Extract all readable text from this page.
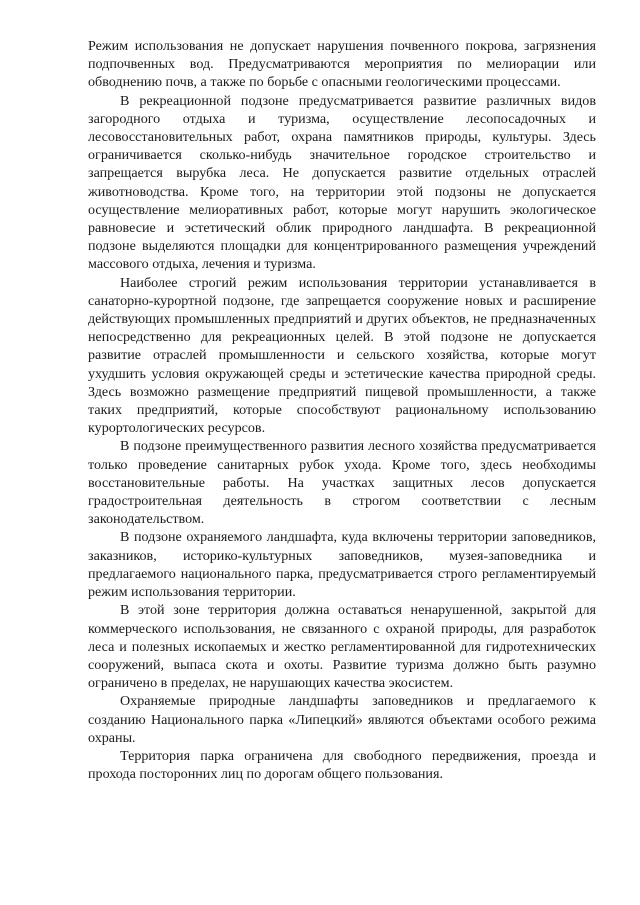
Режим использования не допускает нарушения почвенного покрова, загрязнения подпочвенных вод. Предусматриваются мероприятия по мелиорации или обводнению почв, а также по борьбе с опасными геологическими процессами.

В рекреационной подзоне предусматривается развитие различных видов загородного отдыха и туризма, осуществление лесопосадочных и лесовосстановительных работ, охрана памятников природы, культуры. Здесь ограничивается сколько-нибудь значительное городское строительство и запрещается вырубка леса. Не допускается развитие отдельных отраслей животноводства. Кроме того, на территории этой подзоны не допускается осуществление мелиоративных работ, которые могут нарушить экологическое равновесие и эстетический облик природного ландшафта. В рекреационной подзоне выделяются площадки для концентрированного размещения учреждений массового отдыха, лечения и туризма.

Наиболее строгий режим использования территории устанавливается в санаторно-курортной подзоне, где запрещается сооружение новых и расширение действующих промышленных предприятий и других объектов, не предназначенных непосредственно для рекреационных целей. В этой подзоне не допускается развитие отраслей промышленности и сельского хозяйства, которые могут ухудшить условия окружающей среды и эстетические качества природной среды. Здесь возможно размещение предприятий пищевой промышленности, а также таких предприятий, которые способствуют рациональному использованию курортологических ресурсов.

В подзоне преимущественного развития лесного хозяйства предусматривается только проведение санитарных рубок ухода. Кроме того, здесь необходимы восстановительные работы. На участках защитных лесов допускается градостроительная деятельность в строгом соответствии с лесным законодательством.

В подзоне охраняемого ландшафта, куда включены территории заповедников, заказников, историко-культурных заповедников, музея-заповедника и предлагаемого национального парка, предусматривается строго регламентируемый режим использования территории.

В этой зоне территория должна оставаться ненарушенной, закрытой для коммерческого использования, не связанного с охраной природы, для разработок леса и полезных ископаемых и жестко регламентированной для гидротехнических сооружений, выпаса скота и охоты. Развитие туризма должно быть разумно ограничено в пределах, не нарушающих качества экосистем.

Охраняемые природные ландшафты заповедников и предлагаемого к созданию Национального парка «Липецкий» являются объектами особого режима охраны.

Территория парка ограничена для свободного передвижения, проезда и прохода посторонних лиц по дорогам общего пользования.
